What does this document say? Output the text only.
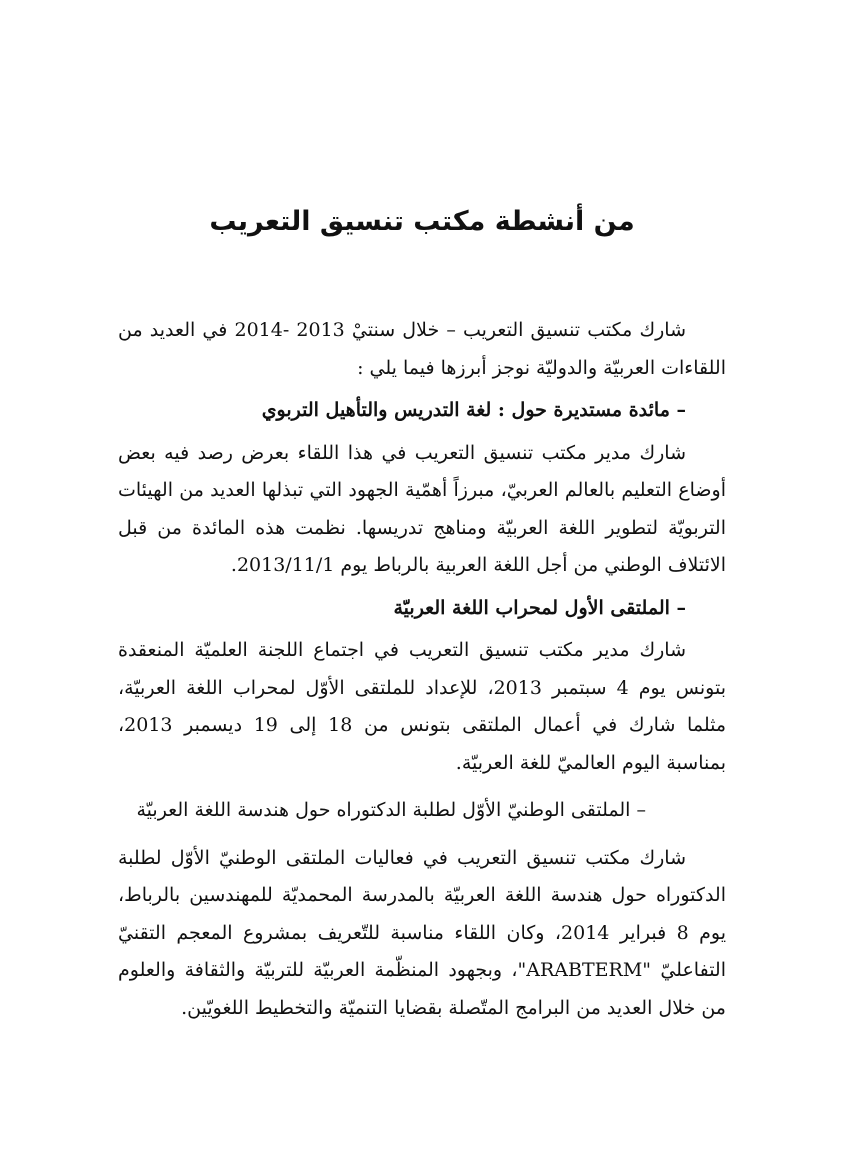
من أنشطة مكتب تنسيق التعريب

شارك مكتب تنسيق التعريب – خلال سنتيْ 2013 -2014 في العديد من اللقاءات العربيّة والدوليّة نوجز أبرزها فيما يلي :

– مائدة مستديرة حول : لغة التدريس والتأهيل التربوي

شارك مدير مكتب تنسيق التعريب في هذا اللقاء بعرض رصد فيه بعض أوضاع التعليم بالعالم العربيّ، مبرزاً أهمّية الجهود التي تبذلها العديد من الهيئات التربويّة لتطوير اللغة العربيّة ومناهج تدريسها. نظمت هذه المائدة من قبل الائتلاف الوطني من أجل اللغة العربية بالرباط يوم 2013/11/1.

– الملتقى الأول لمحراب اللغة العربيّة

شارك مدير مكتب تنسيق التعريب في اجتماع اللجنة العلميّة المنعقدة بتونس يوم 4 سبتمبر 2013، للإعداد للملتقى الأوّل لمحراب اللغة العربيّة، مثلما شارك في أعمال الملتقى بتونس من 18 إلى 19 ديسمبر 2013، بمناسبة اليوم العالميّ للغة العربيّة.

– الملتقى الوطنيّ الأوّل لطلبة الدكتوراه حول هندسة اللغة العربيّة

شارك مكتب تنسيق التعريب في فعاليات الملتقى الوطنيّ الأوّل لطلبة الدكتوراه حول هندسة اللغة العربيّة بالمدرسة المحمديّة للمهندسين بالرباط، يوم 8 فبراير 2014، وكان اللقاء مناسبة للتّعريف بمشروع المعجم التقنيّ التفاعليّ "ARABTERM"، وبجهود المنظّمة العربيّة للتربيّة والثقافة والعلوم من خلال العديد من البرامج المتّصلة بقضايا التنميّة والتخطيط اللغويّين.
